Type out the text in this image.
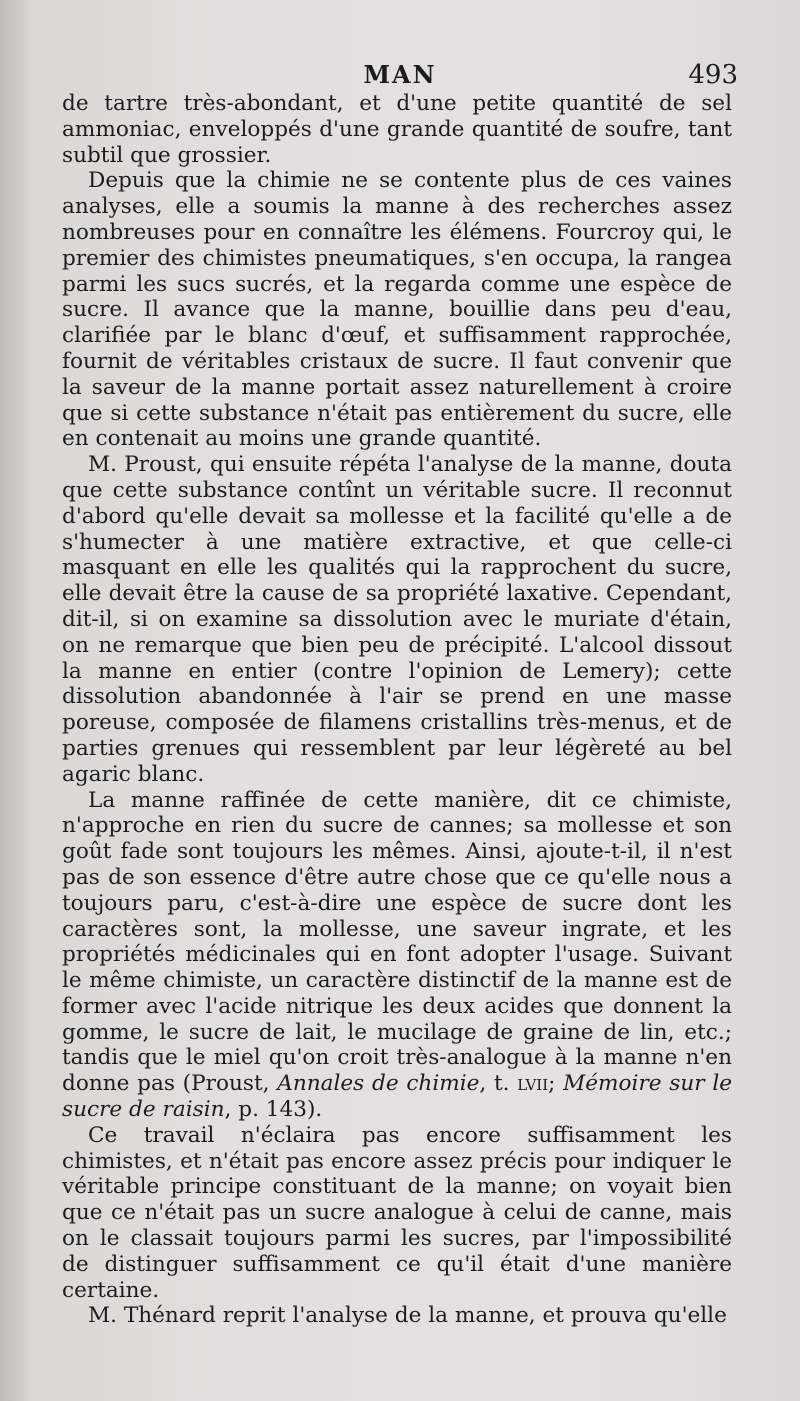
MAN	493

de tartre très-abondant, et d'une petite quantité de sel ammoniac, enveloppés d'une grande quantité de soufre, tant subtil que grossier.

Depuis que la chimie ne se contente plus de ces vaines analyses, elle a soumis la manne à des recherches assez nombreuses pour en connaître les élémens. Fourcroy qui, le premier des chimistes pneumatiques, s'en occupa, la rangea parmi les sucs sucrés, et la regarda comme une espèce de sucre. Il avance que la manne, bouillie dans peu d'eau, clarifiée par le blanc d'œuf, et suffisamment rapprochée, fournit de véritables cristaux de sucre. Il faut convenir que la saveur de la manne portait assez naturellement à croire que si cette substance n'était pas entièrement du sucre, elle en contenait au moins une grande quantité.

M. Proust, qui ensuite répéta l'analyse de la manne, douta que cette substance contînt un véritable sucre. Il reconnut d'abord qu'elle devait sa mollesse et la facilité qu'elle a de s'humecter à une matière extractive, et que celle-ci masquant en elle les qualités qui la rapprochent du sucre, elle devait être la cause de sa propriété laxative. Cependant, dit-il, si on examine sa dissolution avec le muriate d'étain, on ne remarque que bien peu de précipité. L'alcool dissout la manne en entier (contre l'opinion de Lemery); cette dissolution abandonnée à l'air se prend en une masse poreuse, composée de filamens cristallins très-menus, et de parties grenues qui ressemblent par leur légèreté au bel agaric blanc.

La manne raffinée de cette manière, dit ce chimiste, n'approche en rien du sucre de cannes; sa mollesse et son goût fade sont toujours les mêmes. Ainsi, ajoute-t-il, il n'est pas de son essence d'être autre chose que ce qu'elle nous a toujours paru, c'est-à-dire une espèce de sucre dont les caractères sont, la mollesse, une saveur ingrate, et les propriétés médicinales qui en font adopter l'usage. Suivant le même chimiste, un caractère distinctif de la manne est de former avec l'acide nitrique les deux acides que donnent la gomme, le sucre de lait, le mucilage de graine de lin, etc.; tandis que le miel qu'on croit très-analogue à la manne n'en donne pas (Proust, Annales de chimie, t. lvii; Mémoire sur le sucre de raisin, p. 143).

Ce travail n'éclaira pas encore suffisamment les chimistes, et n'était pas encore assez précis pour indiquer le véritable principe constituant de la manne; on voyait bien que ce n'était pas un sucre analogue à celui de canne, mais on le classait toujours parmi les sucres, par l'impossibilité de distinguer suffisamment ce qu'il était d'une manière certaine.

M. Thénard reprit l'analyse de la manne, et prouva qu'elle
